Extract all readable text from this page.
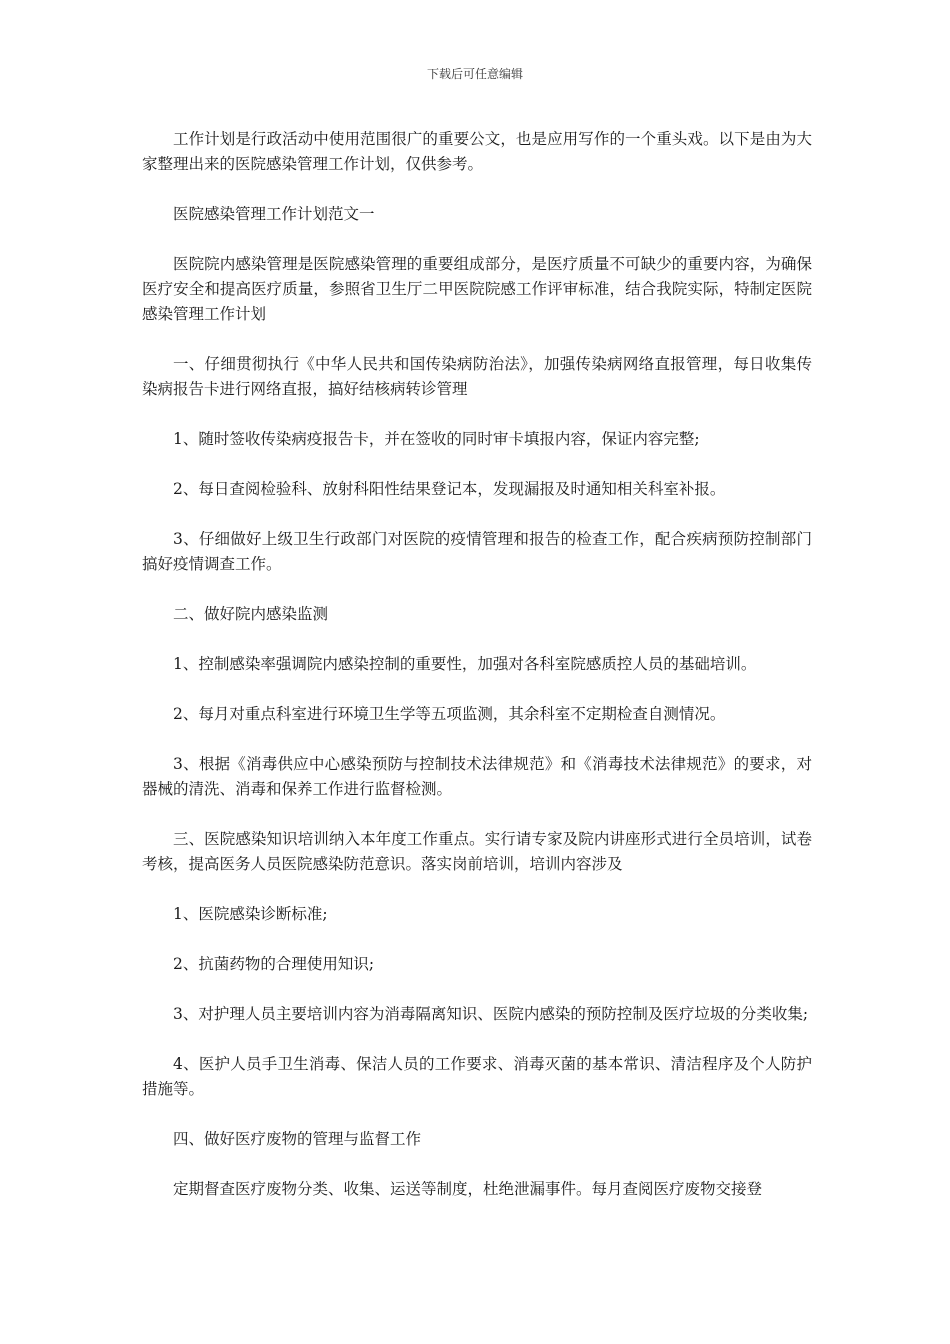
下载后可任意编辑

工作计划是行政活动中使用范围很广的重要公文，也是应用写作的一个重头戏。以下是由为大家整理出来的医院感染管理工作计划，仅供参考。

医院感染管理工作计划范文一

医院院内感染管理是医院感染管理的重要组成部分，是医疗质量不可缺少的重要内容，为确保医疗安全和提高医疗质量，参照省卫生厅二甲医院院感工作评审标准，结合我院实际，特制定医院感染管理工作计划

一、仔细贯彻执行《中华人民共和国传染病防治法》，加强传染病网络直报管理，每日收集传染病报告卡进行网络直报，搞好结核病转诊管理

1、随时签收传染病疫报告卡，并在签收的同时审卡填报内容，保证内容完整;

2、每日查阅检验科、放射科阳性结果登记本，发现漏报及时通知相关科室补报。

3、仔细做好上级卫生行政部门对医院的疫情管理和报告的检查工作，配合疾病预防控制部门搞好疫情调查工作。

二、做好院内感染监测

1、控制感染率强调院内感染控制的重要性，加强对各科室院感质控人员的基础培训。

2、每月对重点科室进行环境卫生学等五项监测，其余科室不定期检查自测情况。

3、根据《消毒供应中心感染预防与控制技术法律规范》和《消毒技术法律规范》的要求，对器械的清洗、消毒和保养工作进行监督检测。

三、医院感染知识培训纳入本年度工作重点。实行请专家及院内讲座形式进行全员培训，试卷考核，提高医务人员医院感染防范意识。落实岗前培训，培训内容涉及

1、医院感染诊断标准;

2、抗菌药物的合理使用知识;

3、对护理人员主要培训内容为消毒隔离知识、医院内感染的预防控制及医疗垃圾的分类收集;

4、医护人员手卫生消毒、保洁人员的工作要求、消毒灭菌的基本常识、清洁程序及个人防护措施等。

四、做好医疗废物的管理与监督工作

定期督查医疗废物分类、收集、运送等制度，杜绝泄漏事件。每月查阅医疗废物交接登
